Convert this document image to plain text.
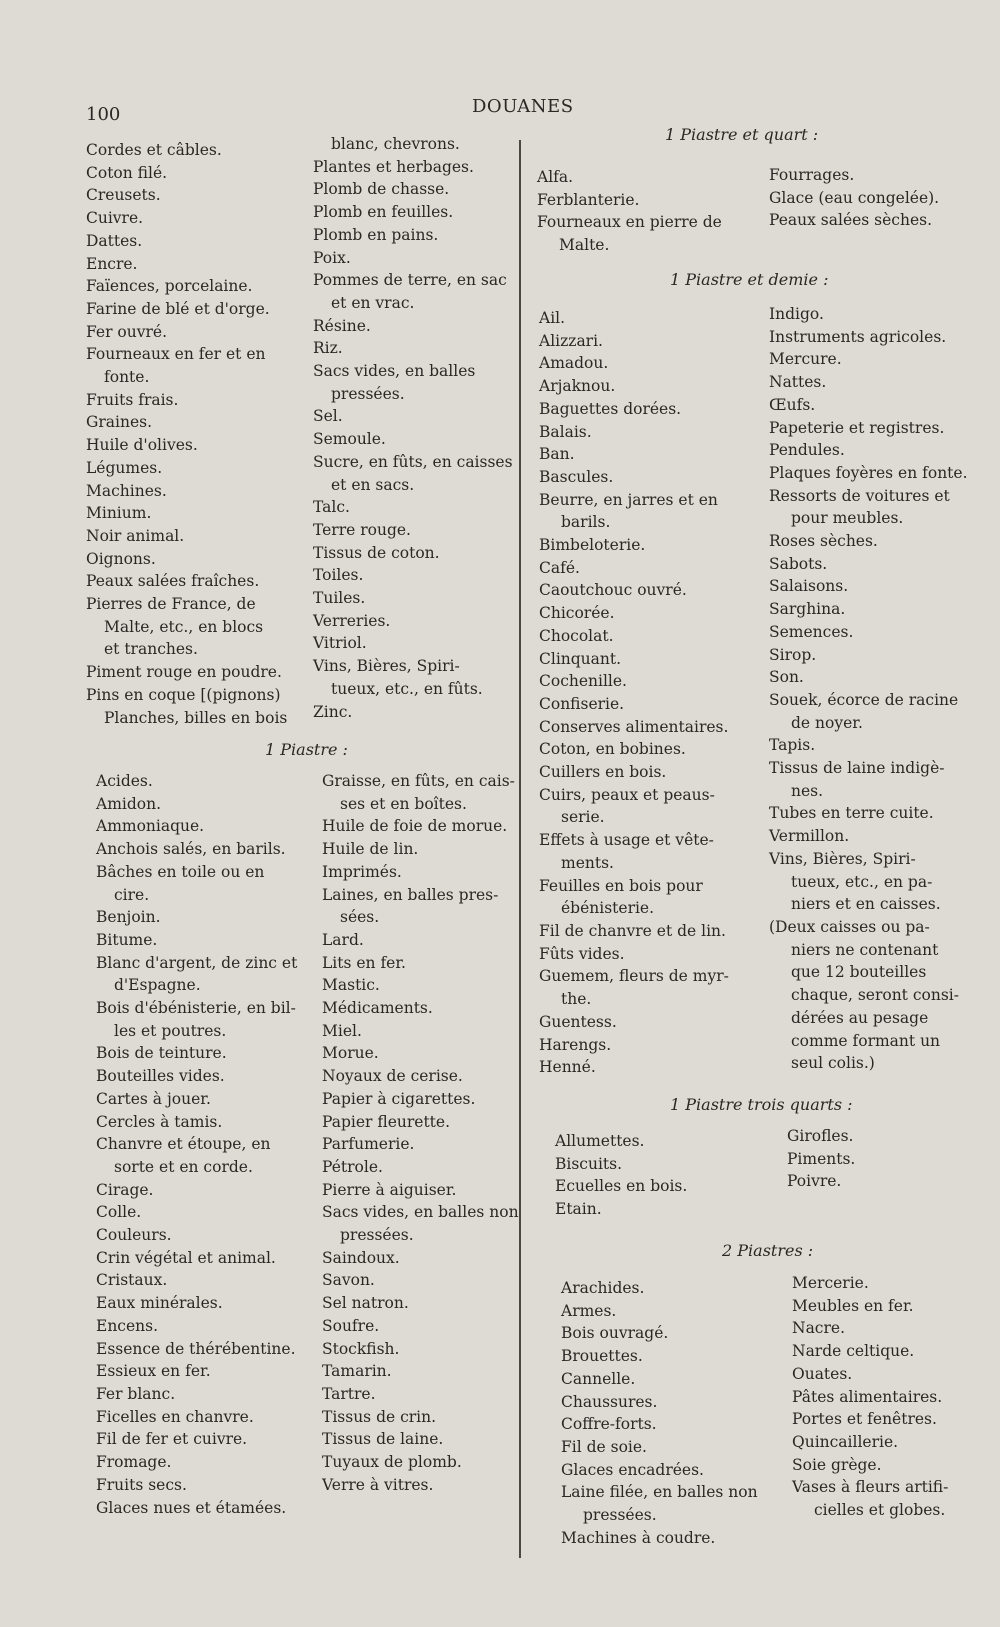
100	DOUANES
Cordes et câbles.
Coton filé.
Creusets.
Cuivre.
Dattes.
Encre.
Faïences, porcelaine.
Farine de blé et d'orge.
Fer ouvré.
Fourneaux en fer et en
fonte.
Fruits frais.
Graines.
Huile d'olives.
Légumes.
Machines.
Minium.
Noir animal.
Oignons.
Peaux salées fraîches.
Pierres de France, de
Malte, etc., en blocs
et tranches.
Piment rouge en poudre.
Pins en coque [(pignons)
Planches, billes en bois
blanc, chevrons.
Plantes et herbages.
Plomb de chasse.
Plomb en feuilles.
Plomb en pains.
Poix.
Pommes de terre, en sac
et en vrac.
Résine.
Riz.
Sacs vides, en balles
pressées.
Sel.
Semoule.
Sucre, en fûts, en caisses
et en sacs.
Talc.
Terre rouge.
Tissus de coton.
Toiles.
Tuiles.
Verreries.
Vitriol.
Vins, Bières, Spiri-
tueux, etc., en fûts.
Zinc.
1 Piastre :
Acides.
Amidon.
Ammoniaque.
Anchois salés, en barils.
Bâches en toile ou en
cire.
Benjoin.
Bitume.
Blanc d'argent, de zinc et
d'Espagne.
Bois d'ébénisterie, en bil-
les et poutres.
Bois de teinture.
Bouteilles vides.
Cartes à jouer.
Cercles à tamis.
Chanvre et étoupe, en
sorte et en corde.
Cirage.
Colle.
Couleurs.
Crin végétal et animal.
Cristaux.
Eaux minérales.
Encens.
Essence de thérébentine.
Essieux en fer.
Fer blanc.
Ficelles en chanvre.
Fil de fer et cuivre.
Fromage.
Fruits secs.
Glaces nues et étamées.
Graisse, en fûts, en cais-
ses et en boîtes.
Huile de foie de morue.
Huile de lin.
Imprimés.
Laines, en balles pres-
sées.
Lard.
Lits en fer.
Mastic.
Médicaments.
Miel.
Morue.
Noyaux de cerise.
Papier à cigarettes.
Papier fleurette.
Parfumerie.
Pétrole.
Pierre à aiguiser.
Sacs vides, en balles non
pressées.
Saindoux.
Savon.
Sel natron.
Soufre.
Stockfish.
Tamarin.
Tartre.
Tissus de crin.
Tissus de laine.
Tuyaux de plomb.
Verre à vitres.
1 Piastre et quart :
Alfa.
Ferblanterie.
Fourneaux en pierre de
Malte.
Fourrages.
Glace (eau congelée).
Peaux salées sèches.
1 Piastre et demie :
Ail.
Alizzari.
Amadou.
Arjaknou.
Baguettes dorées.
Balais.
Ban.
Bascules.
Beurre, en jarres et en
barils.
Bimbeloterie.
Café.
Caoutchouc ouvré.
Chicorée.
Chocolat.
Clinquant.
Cochenille.
Confiserie.
Conserves alimentaires.
Coton, en bobines.
Cuillers en bois.
Cuirs, peaux et peaus-
serie.
Effets à usage et vête-
ments.
Feuilles en bois pour
ébénisterie.
Fil de chanvre et de lin.
Fûts vides.
Guemem, fleurs de myr-
the.
Guentess.
Harengs.
Henné.
Indigo.
Instruments agricoles.
Mercure.
Nattes.
Œufs.
Papeterie et registres.
Pendules.
Plaques foyères en fonte.
Ressorts de voitures et
pour meubles.
Roses sèches.
Sabots.
Salaisons.
Sarghina.
Semences.
Sirop.
Son.
Souek, écorce de racine
de noyer.
Tapis.
Tissus de laine indigè-
nes.
Tubes en terre cuite.
Vermillon.
Vins, Bières, Spiri-
tueux, etc., en pa-
niers et en caisses.
(Deux caisses ou pa-
niers ne contenant
que 12 bouteilles
chaque, seront consi-
dérées au pesage
comme formant un
seul colis.)
1 Piastre trois quarts :
Allumettes.
Biscuits.
Ecuelles en bois.
Etain.
Girofles.
Piments.
Poivre.
2 Piastres :
Arachides.
Armes.
Bois ouvragé.
Brouettes.
Cannelle.
Chaussures.
Coffre-forts.
Fil de soie.
Glaces encadrées.
Laine filée, en balles non
pressées.
Machines à coudre.
Mercerie.
Meubles en fer.
Nacre.
Narde celtique.
Ouates.
Pâtes alimentaires.
Portes et fenêtres.
Quincaillerie.
Soie grège.
Vases à fleurs artifi-
cielles et globes.
